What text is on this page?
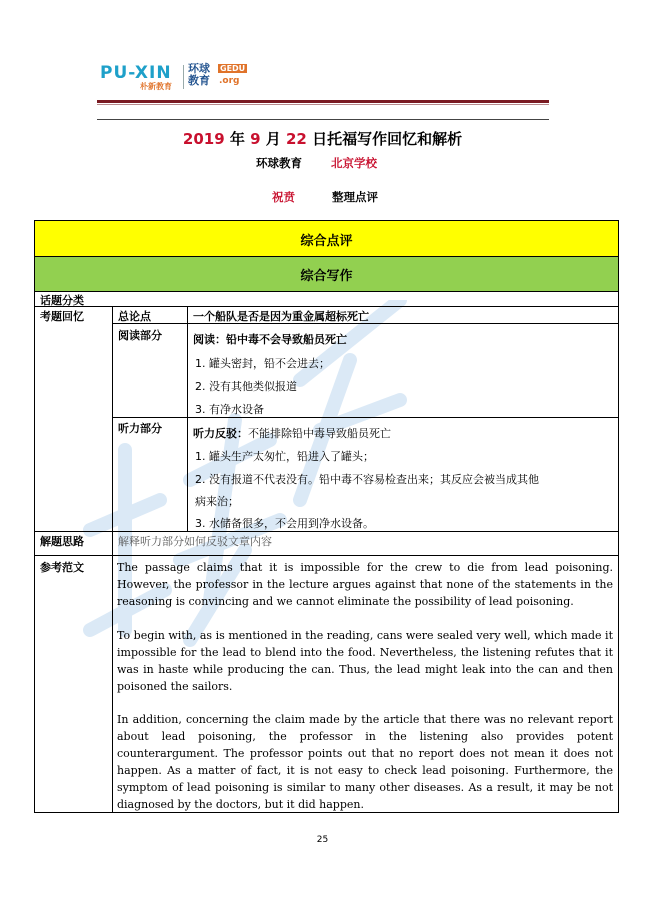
PU-XIN
朴新教育
环球教育
GEDU
.org
2019 年 9 月 22 日托福写作回忆和解析
环球教育	北京学校
祝贲	整理点评
综合点评
综合写作
话题分类
考题回忆	总论点	一个船队是否是因为重金属超标死亡
阅读部分	阅读：铅中毒不会导致船员死亡
1. 罐头密封，铅不会进去；
2. 没有其他类似报道
3. 有净水设备
听力部分	听力反驳：不能排除铅中毒导致船员死亡
1. 罐头生产太匆忙，铅进入了罐头；
2. 没有报道不代表没有。铅中毒不容易检查出来；其反应会被当成其他
病来治；
3. 水储备很多，不会用到净水设备。
解题思路	解释听力部分如何反驳文章内容
参考范文	The passage claims that it is impossible for the crew to die from lead poisoning. However, the professor in the lecture argues against that none of the statements in the reasoning is convincing and we cannot eliminate the possibility of lead poisoning.
To begin with, as is mentioned in the reading, cans were sealed very well, which made it impossible for the lead to blend into the food. Nevertheless, the listening refutes that it was in haste while producing the can. Thus, the lead might leak into the can and then poisoned the sailors.
In addition, concerning the claim made by the article that there was no relevant report about lead poisoning, the professor in the listening also provides potent counterargument. The professor points out that no report does not mean it does not happen. As a matter of fact, it is not easy to check lead poisoning. Furthermore, the symptom of lead poisoning is similar to many other diseases. As a result, it may be not diagnosed by the doctors, but it did happen.
25
